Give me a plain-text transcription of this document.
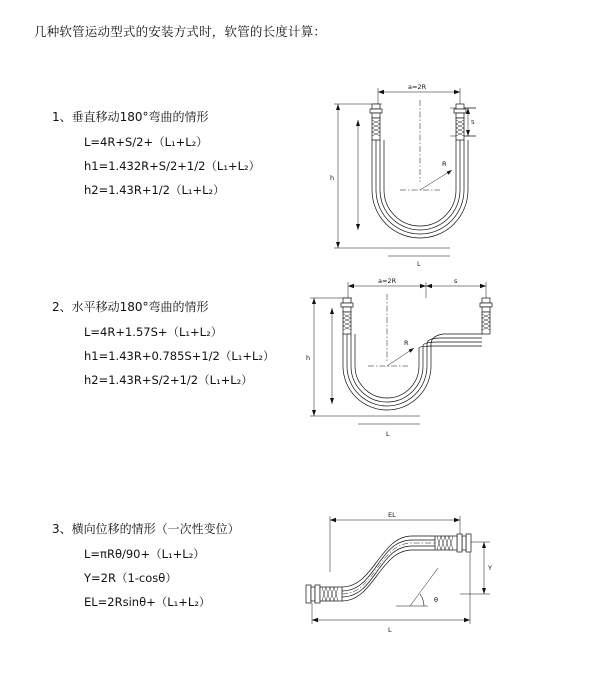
几种软管运动型式的安装方式时，软管的长度计算：
1、垂直移动180°弯曲的情形
L=4R+S/2+（L₁+L₂）
h1=1.432R+S/2+1/2（L₁+L₂）
h2=1.43R+1/2（L₁+L₂）
a=2R
S
h
R
L
2、水平移动180°弯曲的情形
L=4R+1.57S+（L₁+L₂）
h1=1.43R+0.785S+1/2（L₁+L₂）
h2=1.43R+S/2+1/2（L₁+L₂）
a=2R	s
h
R
L
3、横向位移的情形（一次性变位）
L=πRθ/90+（L₁+L₂）
Y=2R（1-cosθ）
EL=2Rsinθ+（L₁+L₂）
EL
Y
θ
L
